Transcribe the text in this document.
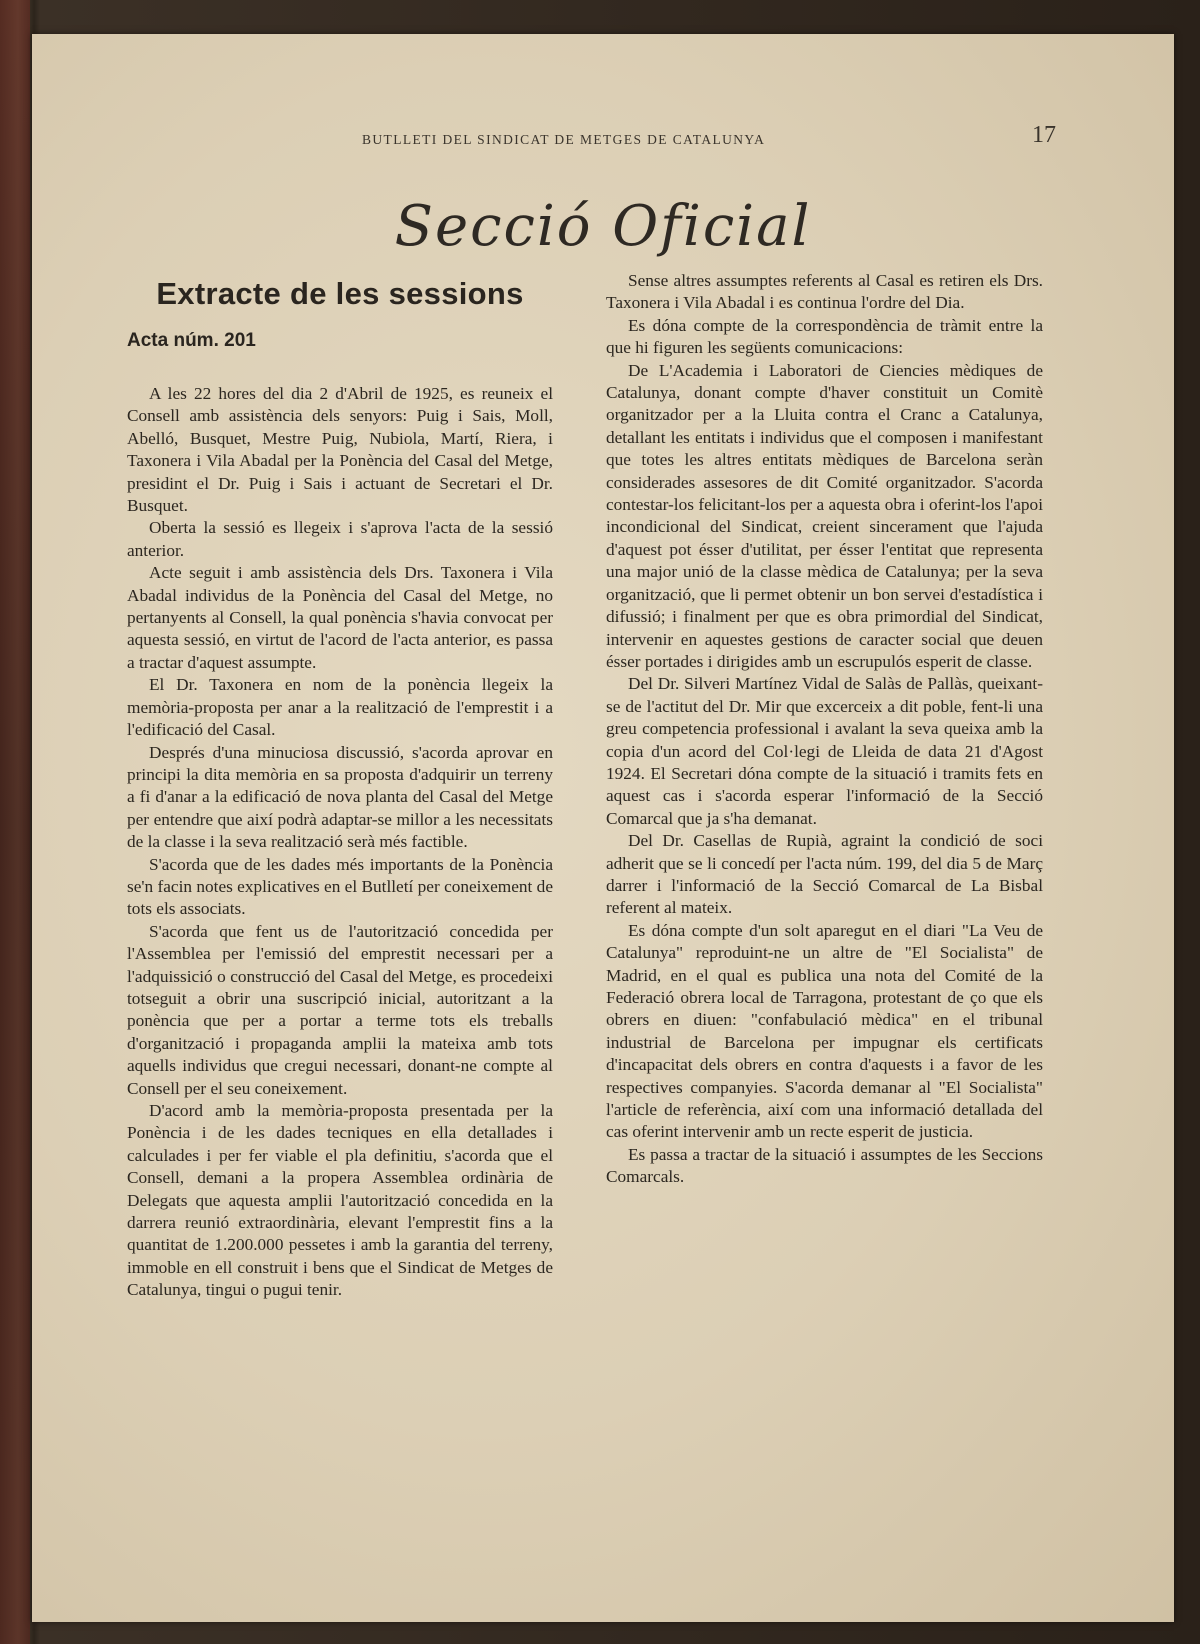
BUTLLETI DEL SINDICAT DE METGES DE CATALUNYA	17
Secció Oficial
Extracte de les sessions
Acta núm. 201

A les 22 hores del dia 2 d'Abril de 1925, es reuneix el Consell amb assistència dels senyors: Puig i Sais, Moll, Abelló, Busquet, Mestre Puig, Nubiola, Martí, Riera, i Taxonera i Vila Abadal per la Ponència del Casal del Metge, presidint el Dr. Puig i Sais i actuant de Secretari el Dr. Busquet.

Oberta la sessió es llegeix i s'aprova l'acta de la sessió anterior.

Acte seguit i amb assistència dels Drs. Taxonera i Vila Abadal individus de la Ponència del Casal del Metge, no pertanyents al Consell, la qual ponència s'havia convocat per aquesta sessió, en virtut de l'acord de l'acta anterior, es passa a tractar d'aquest assumpte.

El Dr. Taxonera en nom de la ponència llegeix la memòria-proposta per anar a la realització de l'emprestit i a l'edificació del Casal.

Després d'una minuciosa discussió, s'acorda aprovar en principi la dita memòria en sa proposta d'adquirir un terreny a fi d'anar a la edificació de nova planta del Casal del Metge per entendre que així podrà adaptar-se millor a les necessitats de la classe i la seva realització serà més factible.

S'acorda que de les dades més importants de la Ponència se'n facin notes explicatives en el Butlletí per coneixement de tots els associats.

S'acorda que fent us de l'autorització concedida per l'Assemblea per l'emissió del emprestit necessari per a l'adquissició o construcció del Casal del Metge, es procedeixi totseguit a obrir una suscripció inicial, autoritzant a la ponència que per a portar a terme tots els treballs d'organització i propaganda amplii la mateixa amb tots aquells individus que cregui necessari, donant-ne compte al Consell per el seu coneixement.

D'acord amb la memòria-proposta presentada per la Ponència i de les dades tecniques en ella detallades i calculades i per fer viable el pla definitiu, s'acorda que el Consell, demani a la propera Assemblea ordinària de Delegats que aquesta amplii l'autorització concedida en la darrera reunió extraordinària, elevant l'emprestit fins a la quantitat de 1.200.000 pessetes i amb la garantia del terreny, immoble en ell construit i bens que el Sindicat de Metges de Catalunya, tingui o pugui tenir.

Sense altres assumptes referents al Casal es retiren els Drs. Taxonera i Vila Abadal i es continua l'ordre del Dia.

Es dóna compte de la correspondència de tràmit entre la que hi figuren les següents comunicacions:

De L'Academia i Laboratori de Ciencies mèdiques de Catalunya, donant compte d'haver constituit un Comitè organitzador per a la Lluita contra el Cranc a Catalunya, detallant les entitats i individus que el composen i manifestant que totes les altres entitats mèdiques de Barcelona seràn considerades assesores de dit Comité organitzador. S'acorda contestar-los felicitant-los per a aquesta obra i oferint-los l'apoi incondicional del Sindicat, creient sincerament que l'ajuda d'aquest pot ésser d'utilitat, per ésser l'entitat que representa una major unió de la classe mèdica de Catalunya; per la seva organització, que li permet obtenir un bon servei d'estadística i difussió; i finalment per que es obra primordial del Sindicat, intervenir en aquestes gestions de caracter social que deuen ésser portades i dirigides amb un escrupulós esperit de classe.

Del Dr. Silveri Martínez Vidal de Salàs de Pallàs, queixant-se de l'actitut del Dr. Mir que excerceix a dit poble, fent-li una greu competencia professional i avalant la seva queixa amb la copia d'un acord del Col·legi de Lleida de data 21 d'Agost 1924. El Secretari dóna compte de la situació i tramits fets en aquest cas i s'acorda esperar l'informació de la Secció Comarcal que ja s'ha demanat.

Del Dr. Casellas de Rupià, agraint la condició de soci adherit que se li concedí per l'acta núm. 199, del dia 5 de Març darrer i l'informació de la Secció Comarcal de La Bisbal referent al mateix.

Es dóna compte d'un solt aparegut en el diari "La Veu de Catalunya" reproduint-ne un altre de "El Socialista" de Madrid, en el qual es publica una nota del Comité de la Federació obrera local de Tarragona, protestant de ço que els obrers en diuen: "confabulació mèdica" en el tribunal industrial de Barcelona per impugnar els certificats d'incapacitat dels obrers en contra d'aquests i a favor de les respectives companyies. S'acorda demanar al "El Socialista" l'article de referència, així com una informació detallada del cas oferint intervenir amb un recte esperit de justicia.

Es passa a tractar de la situació i assumptes de les Seccions Comarcals.
